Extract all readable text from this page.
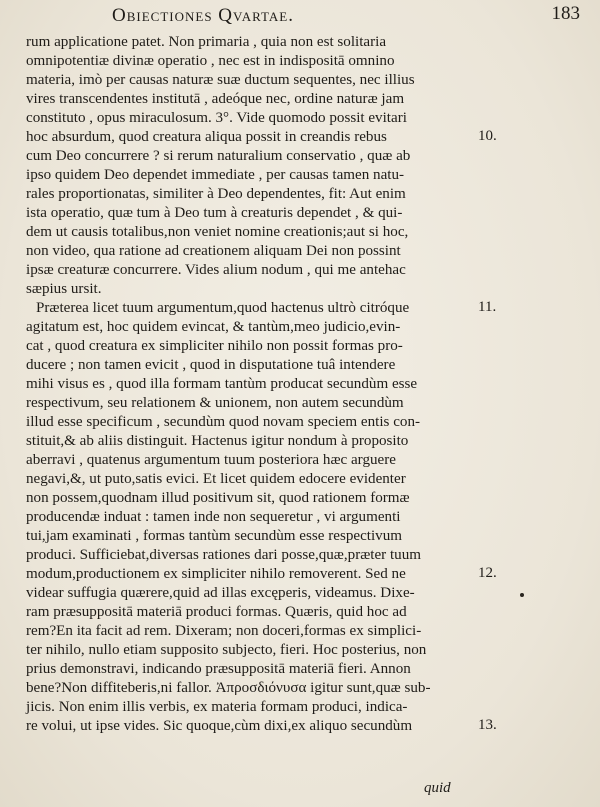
Obiectiones Qvartae.	183
rum applicatione patet. Non primaria , quia non est solitaria
omnipotentiæ divinæ operatio , nec est in indispositā omnino
materia, imò per causas naturæ suæ ductum sequentes, nec illius
vires transcendentes institutā , adeóque nec, ordine naturæ jam
constituto , opus miraculosum. 3°. Vide quomodo possit evitari
hoc absurdum, quod creatura aliqua possit in creandis rebus
cum Deo concurrere ? si rerum naturalium conservatio , quæ ab
ipso quidem Deo dependet immediate , per causas tamen natu-
rales proportionatas, similiter à Deo dependentes, fit: Aut enim
ista operatio, quæ tum à Deo tum à creaturis dependet , & qui-
dem ut causis totalibus,non veniet nomine creationis;aut si hoc,
non video, qua ratione ad creationem aliquam Dei non possint
ipsæ creaturæ concurrere. Vides alium nodum , qui me antehac
sæpius ursit.
Præterea licet tuum argumentum,quod hactenus ultrò citróque
agitatum est, hoc quidem evincat, & tantùm,meo judicio,evin-
cat , quod creatura ex simpliciter nihilo non possit formas pro-
ducere ; non tamen evicit , quod in disputatione tuâ intendere
mihi visus es , quod illa formam tantùm producat secundùm esse
respectivum, seu relationem & unionem, non autem secundùm
illud esse specificum , secundùm quod novam speciem entis con-
stituit,& ab aliis distinguit. Hactenus igitur nondum à proposito
aberravi , quatenus argumentum tuum posteriora hæc arguere
negavi,&, ut puto,satis evici. Et licet quidem edocere evidenter
non possem,quodnam illud positivum sit, quod rationem formæ
producendæ induat : tamen inde non sequeretur , vi argumenti
tui,jam examinati , formas tantùm secundùm esse respectivum
produci. Sufficiebat,diversas rationes dari posse,quæ,præter tuum
modum,productionem ex simpliciter nihilo removerent. Sed ne
videar suffugia quærere,quid ad illas excęperis, videamus. Dixe-
ram præsuppositā materiā produci formas. Quæris, quid hoc ad
rem?En ita facit ad rem. Dixeram; non doceri,formas ex simplici-
ter nihilo, nullo etiam supposito subjecto, fieri. Hoc posterius, non
prius demonstravi, indicando præsuppositā materiā fieri. Annon
bene?Non diffiteberis,ni fallor. Ἀπροσδιόνυσα igitur sunt,quæ sub-
jicis. Non enim illis verbis, ex materia formam produci, indica-
re volui, ut ipse vides. Sic quoque,cùm dixi,ex aliquo secundùm
10.
11.
12.
13.
quid
